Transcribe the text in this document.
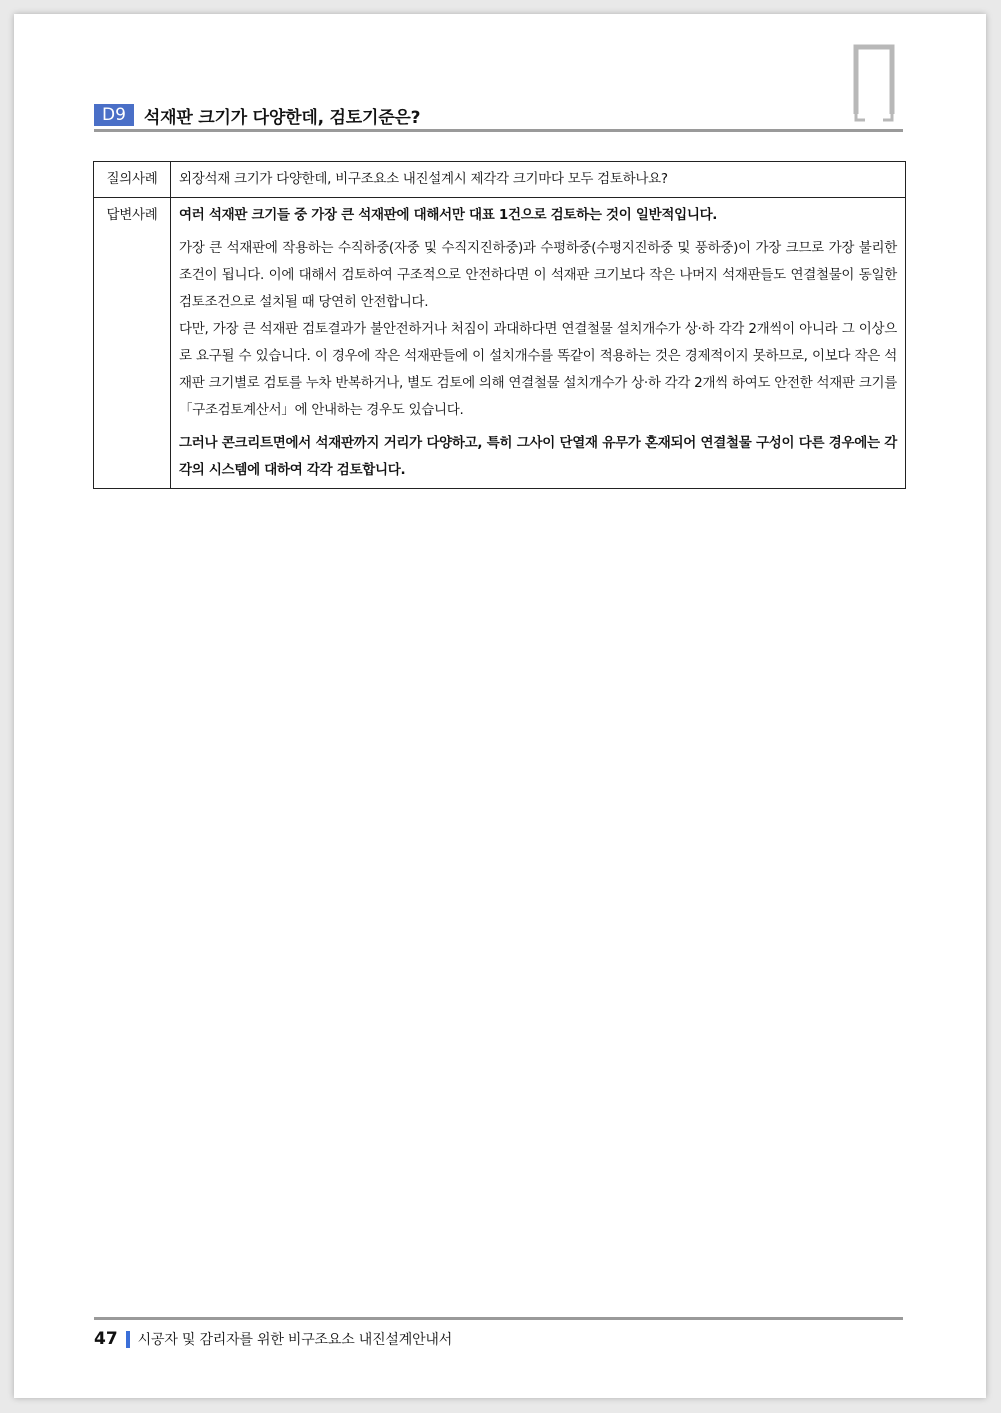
D9	석재판 크기가 다양한데, 검토기준은?
질의사례	외장석재 크기가 다양한데, 비구조요소 내진설계시 제각각 크기마다 모두 검토하나요?

답변사례	여러 석재판 크기들 중 가장 큰 석재판에 대해서만 대표 1건으로 검토하는 것이 일반적입니다.

가장 큰 석재판에 작용하는 수직하중(자중 및 수직지진하중)과 수평하중(수평지진하중 및 풍하중)이 가장 크므로 가장 불리한 조건이 됩니다. 이에 대해서 검토하여 구조적으로 안전하다면 이 석재판 크기보다 작은 나머지 석재판들도 연결철물이 동일한 검토조건으로 설치될 때 당연히 안전합니다.

다만, 가장 큰 석재판 검토결과가 불안전하거나 처짐이 과대하다면 연결철물 설치개수가 상·하 각각 2개씩이 아니라 그 이상으로 요구될 수 있습니다. 이 경우에 작은 석재판들에 이 설치개수를 똑같이 적용하는 것은 경제적이지 못하므로, 이보다 작은 석재판 크기별로 검토를 누차 반복하거나, 별도 검토에 의해 연결철물 설치개수가 상·하 각각 2개씩 하여도 안전한 석재판 크기를 「구조검토계산서」에 안내하는 경우도 있습니다.

그러나 콘크리트면에서 석재판까지 거리가 다양하고, 특히 그사이 단열재 유무가 혼재되어 연결철물 구성이 다른 경우에는 각각의 시스템에 대하여 각각 검토합니다.
47 시공자 및 감리자를 위한 비구조요소 내진설계안내서
